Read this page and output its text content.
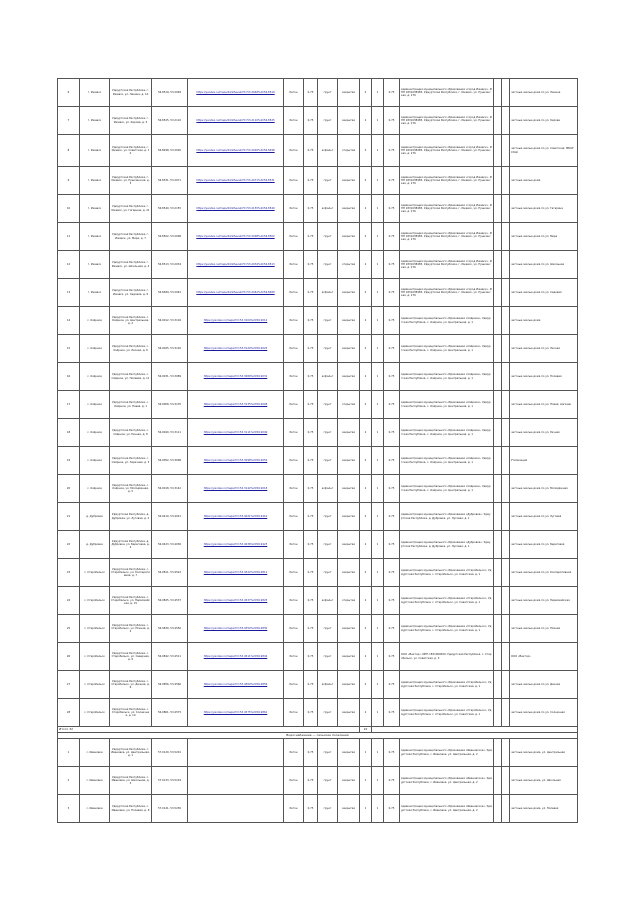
6	г. Ижевск	Удмуртская Республика, г. Ижевск, ул. Ленина, д. 10	56.8519, 53.2048	https://yandex.ru/maps/44/izhevsk/?ll=53.2048%2C56.8519	бетон	0,75	грунт	закрытая	2	1	0,75	Администрация муниципального образования «город Ижевск», ИНН 1831038485, Удмуртская Республика, г. Ижевск, ул. Пушкинская, д. 276			частные жилые дома по ул. Ленина
7	г. Ижевск	Удмуртская Республика, г. Ижевск, ул. Кирова, д. 5	56.8525, 53.2110	https://yandex.ru/maps/44/izhevsk/?ll=53.2110%2C56.8525	бетон	0,75	грунт	закрытая	2	1	0,75	Администрация муниципального образования «город Ижевск», ИНН 1831038485, Удмуртская Республика, г. Ижевск, ул. Пушкинская, д. 276			частные жилые дома по ул. Кирова
8	г. Ижевск	Удмуртская Республика, г. Ижевск, ул. Советская, д. 12	56.8498, 53.2020	https://yandex.ru/maps/44/izhevsk/?ll=53.2020%2C56.8498	бетон	0,75	асфальт	открытая	3	1	0,75	Администрация муниципального образования «город Ижевск», ИНН 1831038485, Удмуртская Республика, г. Ижевск, ул. Пушкинская, д. 276			частные жилые дома по ул. Советская; МБОУ СОШ
9	г. Ижевск	Удмуртская Республика, г. Ижевск, ул. Пушкинская, д. 3	56.8531, 53.2071	https://yandex.ru/maps/44/izhevsk/?ll=53.2071%2C56.8531	бетон	0,75	грунт	закрытая	2	1	0,75	Администрация муниципального образования «город Ижевск», ИНН 1831038485, Удмуртская Республика, г. Ижевск, ул. Пушкинская, д. 276			частные жилые дома
10	г. Ижевск	Удмуртская Республика, г. Ижевск, ул. Гагарина, д. 21	56.8540, 53.2155	https://yandex.ru/maps/44/izhevsk/?ll=53.2155%2C56.8540	бетон	0,75	асфальт	закрытая	2	1	0,75	Администрация муниципального образования «город Ижевск», ИНН 1831038485, Удмуртская Республика, г. Ижевск, ул. Пушкинская, д. 276			частные жилые дома по ул. Гагарина
11	г. Ижевск	Удмуртская Республика, г. Ижевск, ул. Мира, д. 7	56.8502, 53.2098	https://yandex.ru/maps/44/izhevsk/?ll=53.2098%2C56.8502	бетон	0,75	грунт	закрытая	2	1	0,75	Администрация муниципального образования «город Ижевск», ИНН 1831038485, Удмуртская Республика, г. Ижевск, ул. Пушкинская, д. 276			частные жилые дома по ул. Мира
12	г. Ижевск	Удмуртская Республика, г. Ижевск, ул. Школьная, д. 4	56.8513, 53.2034	https://yandex.ru/maps/44/izhevsk/?ll=53.2034%2C56.8513	бетон	0,75	грунт	открытая	2	1	0,75	Администрация муниципального образования «город Ижевск», ИНН 1831038485, Удмуртская Республика, г. Ижевск, ул. Пушкинская, д. 276			частные жилые дома по ул. Школьная
13	г. Ижевск	Удмуртская Республика, г. Ижевск, ул. Садовая, д. 9	56.8489, 53.2061	https://yandex.ru/maps/44/izhevsk/?ll=53.2061%2C56.8489	бетон	0,75	асфальт	закрытая	2	1	0,75	Администрация муниципального образования «город Ижевск», ИНН 1831038485, Удмуртская Республика, г. Ижевск, ул. Пушкинская, д. 276			частные жилые дома по ул. Садовая
14	с. Озёрное	Удмуртская Республика, с. Озёрное, ул. Центральная, д. 2	56.9012, 53.3104	https://yandex.ru/maps/?ll=53.3104%2C56.9012	бетон	0,75	грунт	закрытая	2	1	0,75	Администрация муниципального образования «Озёрное», Удмуртская Республика, с. Озёрное, ул. Центральная, д. 1			частные жилые дома
15	с. Озёрное	Удмуртская Республика, с. Озёрное, ул. Лесная, д. 6	56.9025, 53.3120	https://yandex.ru/maps/?ll=53.3120%2C56.9025	бетон	0,75	грунт	закрытая	2	1	0,75	Администрация муниципального образования «Озёрное», Удмуртская Республика, с. Озёрное, ул. Центральная, д. 1			частные жилые дома по ул. Лесная
16	с. Озёрное	Удмуртская Республика, с. Озёрное, ул. Полевая, д. 11	56.9031, 53.3089	https://yandex.ru/maps/?ll=53.3089%2C56.9031	бетон	0,75	асфальт	закрытая	2	1	0,75	Администрация муниципального образования «Озёрное», Удмуртская Республика, с. Озёрное, ул. Центральная, д. 1			частные жилые дома по ул. Полевая
17	с. Озёрное	Удмуртская Республика, с. Озёрное, ул. Новая, д. 1	56.9008, 53.3135	https://yandex.ru/maps/?ll=53.3135%2C56.9008	бетон	0,75	грунт	открытая	2	1	0,75	Администрация муниципального образования «Озёрное», Удмуртская Республика, с. Озёрное, ул. Центральная, д. 1			частные жилые дома по ул. Новая; магазин
18	с. Озёрное	Удмуртская Республика, с. Озёрное, ул. Речная, д. 8	56.9040, 53.3111	https://yandex.ru/maps/?ll=53.3111%2C56.9040	бетон	0,75	грунт	закрытая	2	1	0,75	Администрация муниципального образования «Озёрное», Удмуртская Республика, с. Озёрное, ул. Центральная, д. 1			частные жилые дома по ул. Речная
19	с. Озёрное	Удмуртская Республика, с. Озёрное, ул. Заречная, д. 3	56.9052, 53.3098	https://yandex.ru/maps/?ll=53.3098%2C56.9052	бетон	0,75	грунт	закрытая	2	1	0,75	Администрация муниципального образования «Озёрное», Удмуртская Республика, с. Озёрное, ул. Центральная, д. 1			Утилизация
20	с. Озёрное	Удмуртская Республика, с. Озёрное, ул. Молодёжная, д. 5	56.9018, 53.3142	https://yandex.ru/maps/?ll=53.3142%2C56.9018	бетон	0,75	асфальт	закрытая	2	1	0,75	Администрация муниципального образования «Озёрное», Удмуртская Республика, с. Озёрное, ул. Центральная, д. 1			частные жилые дома по ул. Молодёжная
21	д. Дубровка	Удмуртская Республика, д. Дубровка, ул. Луговая, д. 2	56.9410, 53.4021	https://yandex.ru/maps/?ll=53.4021%2C56.9410	бетон	0,75	грунт	закрытая	2	1	0,75	Администрация муниципального образования «Дубровка», Удмуртская Республика, д. Дубровка, ул. Луговая, д. 1			частные жилые дома по ул. Луговая
22	д. Дубровка	Удмуртская Республика, д. Дубровка, ул. Береговая, д. 4	56.9423, 53.4036	https://yandex.ru/maps/?ll=53.4036%2C56.9423	бетон	0,75	грунт	закрытая	2	1	0,75	Администрация муниципального образования «Дубровка», Удмуртская Республика, д. Дубровка, ул. Луговая, д. 1			частные жилые дома по ул. Береговая
23	с. Старобельск	Удмуртская Республика, с. Старобельск, ул. Кооперативная, д. 7	56.9811, 53.4522	https://yandex.ru/maps/?ll=53.4522%2C56.9811	бетон	0,75	грунт	закрытая	2	1	0,75	Администрация муниципального образования «Старобельск», Удмуртская Республика, с. Старобельск, ул. Советская, д. 1			частные жилые дома по ул. Кооперативная
24	с. Старобельск	Удмуртская Республика, с. Старобельск, ул. Первомайская, д. 15	56.9825, 53.4537	https://yandex.ru/maps/?ll=53.4537%2C56.9825	бетон	0,75	асфальт	открытая	2	1	0,75	Администрация муниципального образования «Старобельск», Удмуртская Республика, с. Старобельск, ул. Советская, д. 1			частные жилые дома по ул. Первомайская
25	с. Старобельск	Удмуртская Республика, с. Старобельск, ул. Южная, д. 2	56.9830, 53.4550	https://yandex.ru/maps/?ll=53.4550%2C56.9830	бетон	0,75	грунт	закрытая	2	1	0,75	Администрация муниципального образования «Старобельск», Удмуртская Республика, с. Старобельск, ул. Советская, д. 1			частные жилые дома по ул. Южная
26	с. Старобельск	Удмуртская Республика, с. Старобельск, ул. Северная, д. 9	56.9842, 53.4511	https://yandex.ru/maps/?ll=53.4511%2C56.9842	бетон	0,75	грунт	закрытая	2	1	0,75	ООО «Вектор», ИНН 1831000000, Удмуртская Республика, с. Старобельск, ул. Советская, д. 3			ООО «Вектор»
27	с. Старобельск	Удмуртская Республика, с. Старобельск, ул. Дачная, д. 6	56.9856, 53.4560	https://yandex.ru/maps/?ll=53.4560%2C56.9856	бетон	0,75	асфальт	закрытая	2	1	0,75	Администрация муниципального образования «Старобельск», Удмуртская Республика, с. Старобельск, ул. Советская, д. 1			частные жилые дома по ул. Дачная
28	с. Старобельск	Удмуртская Республика, с. Старобельск, ул. Солнечная, д. 10	56.9861, 53.4575	https://yandex.ru/maps/?ll=53.4575%2C56.9861	бетон	0,75	грунт	закрытая	2	1	0,75	Администрация муниципального образования «Старобельск», Удмуртская Республика, с. Старобельск, ул. Советская, д. 1			частные жилые дома по ул. Солнечная
Итого 32									22						
Водоснабжение — сельские поселения															
1	с. Ивановка	Удмуртская Республика, с. Ивановка, ул. Центральная, д. 1	57.0120, 53.5201		бетон	0,75	грунт	закрытая	1	1	0,75	Администрация муниципального образования «Ивановское», Удмуртская Республика, с. Ивановка, ул. Центральная, д. 2			частные жилые дома, ул. Центральная
2	с. Ивановка	Удмуртская Республика, с. Ивановка, ул. Школьная, д. 3	57.0133, 53.5219		бетон	0,75	грунт	закрытая	1	1	0,75	Администрация муниципального образования «Ивановское», Удмуртская Республика, с. Ивановка, ул. Центральная, д. 2			частные жилые дома, ул. Школьная
3	с. Ивановка	Удмуртская Республика, с. Ивановка, ул. Полевая, д. 8	57.0141, 53.5230		бетон	0,75	грунт	закрытая	1	1	0,75	Администрация муниципального образования «Ивановское», Удмуртская Республика, с. Ивановка, ул. Центральная, д. 2			частные жилые дома, ул. Полевая
